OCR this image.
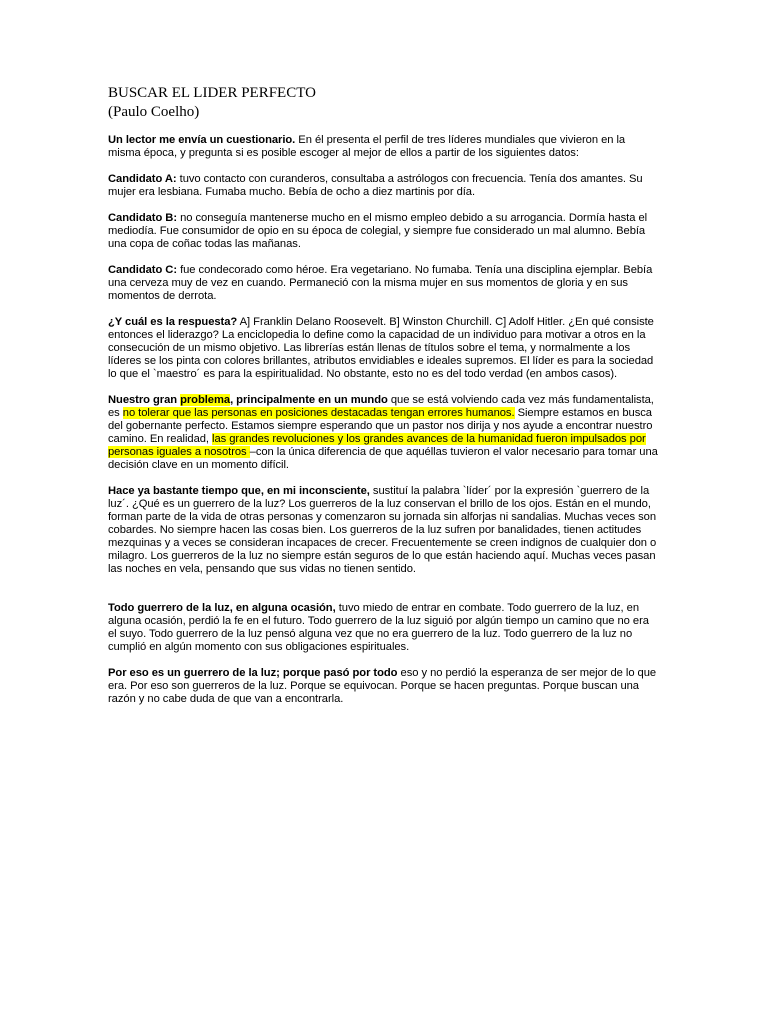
BUSCAR EL LIDER PERFECTO
(Paulo Coelho)

Un lector me envía un cuestionario. En él presenta el perfil de tres líderes mundiales que vivieron en la misma época, y pregunta si es posible escoger al mejor de ellos a partir de los siguientes datos:

Candidato A: tuvo contacto con curanderos, consultaba a astrólogos con frecuencia. Tenía dos amantes. Su mujer era lesbiana. Fumaba mucho. Bebía de ocho a diez martinis por día.

Candidato B: no conseguía mantenerse mucho en el mismo empleo debido a su arrogancia. Dormía hasta el mediodía. Fue consumidor de opio en su época de colegial, y siempre fue considerado un mal alumno. Bebía una copa de coñac todas las mañanas.

Candidato C: fue condecorado como héroe. Era vegetariano. No fumaba. Tenía una disciplina ejemplar. Bebía una cerveza muy de vez en cuando. Permaneció con la misma mujer en sus momentos de gloria y en sus momentos de derrota.

¿Y cuál es la respuesta? A] Franklin Delano Roosevelt. B] Winston Churchill. C] Adolf Hitler. ¿En qué consiste entonces el liderazgo? La enciclopedia lo define como la capacidad de un individuo para motivar a otros en la consecución de un mismo objetivo. Las librerías están llenas de títulos sobre el tema, y normalmente a los líderes se los pinta con colores brillantes, atributos envidiables e ideales supremos. El líder es para la sociedad lo que el `maestro´ es para la espiritualidad. No obstante, esto no es del todo verdad (en ambos casos).

Nuestro gran problema, principalmente en un mundo que se está volviendo cada vez más fundamentalista, es no tolerar que las personas en posiciones destacadas tengan errores humanos. Siempre estamos en busca del gobernante perfecto. Estamos siempre esperando que un pastor nos dirija y nos ayude a encontrar nuestro camino. En realidad, las grandes revoluciones y los grandes avances de la humanidad fueron impulsados por personas iguales a nosotros –con la única diferencia de que aquéllas tuvieron el valor necesario para tomar una decisión clave en un momento difícil.

Hace ya bastante tiempo que, en mi inconsciente, sustituí la palabra `líder´ por la expresión `guerrero de la luz´. ¿Qué es un guerrero de la luz? Los guerreros de la luz conservan el brillo de los ojos. Están en el mundo, forman parte de la vida de otras personas y comenzaron su jornada sin alforjas ni sandalias. Muchas veces son cobardes. No siempre hacen las cosas bien. Los guerreros de la luz sufren por banalidades, tienen actitudes mezquinas y a veces se consideran incapaces de crecer. Frecuentemente se creen indignos de cualquier don o milagro. Los guerreros de la luz no siempre están seguros de lo que están haciendo aquí. Muchas veces pasan las noches en vela, pensando que sus vidas no tienen sentido.

Todo guerrero de la luz, en alguna ocasión, tuvo miedo de entrar en combate. Todo guerrero de la luz, en alguna ocasión, perdió la fe en el futuro. Todo guerrero de la luz siguió por algún tiempo un camino que no era el suyo. Todo guerrero de la luz pensó alguna vez que no era guerrero de la luz. Todo guerrero de la luz no cumplió en algún momento con sus obligaciones espirituales.

Por eso es un guerrero de la luz; porque pasó por todo eso y no perdió la esperanza de ser mejor de lo que era. Por eso son guerreros de la luz. Porque se equivocan. Porque se hacen preguntas. Porque buscan una razón y no cabe duda de que van a encontrarla.
